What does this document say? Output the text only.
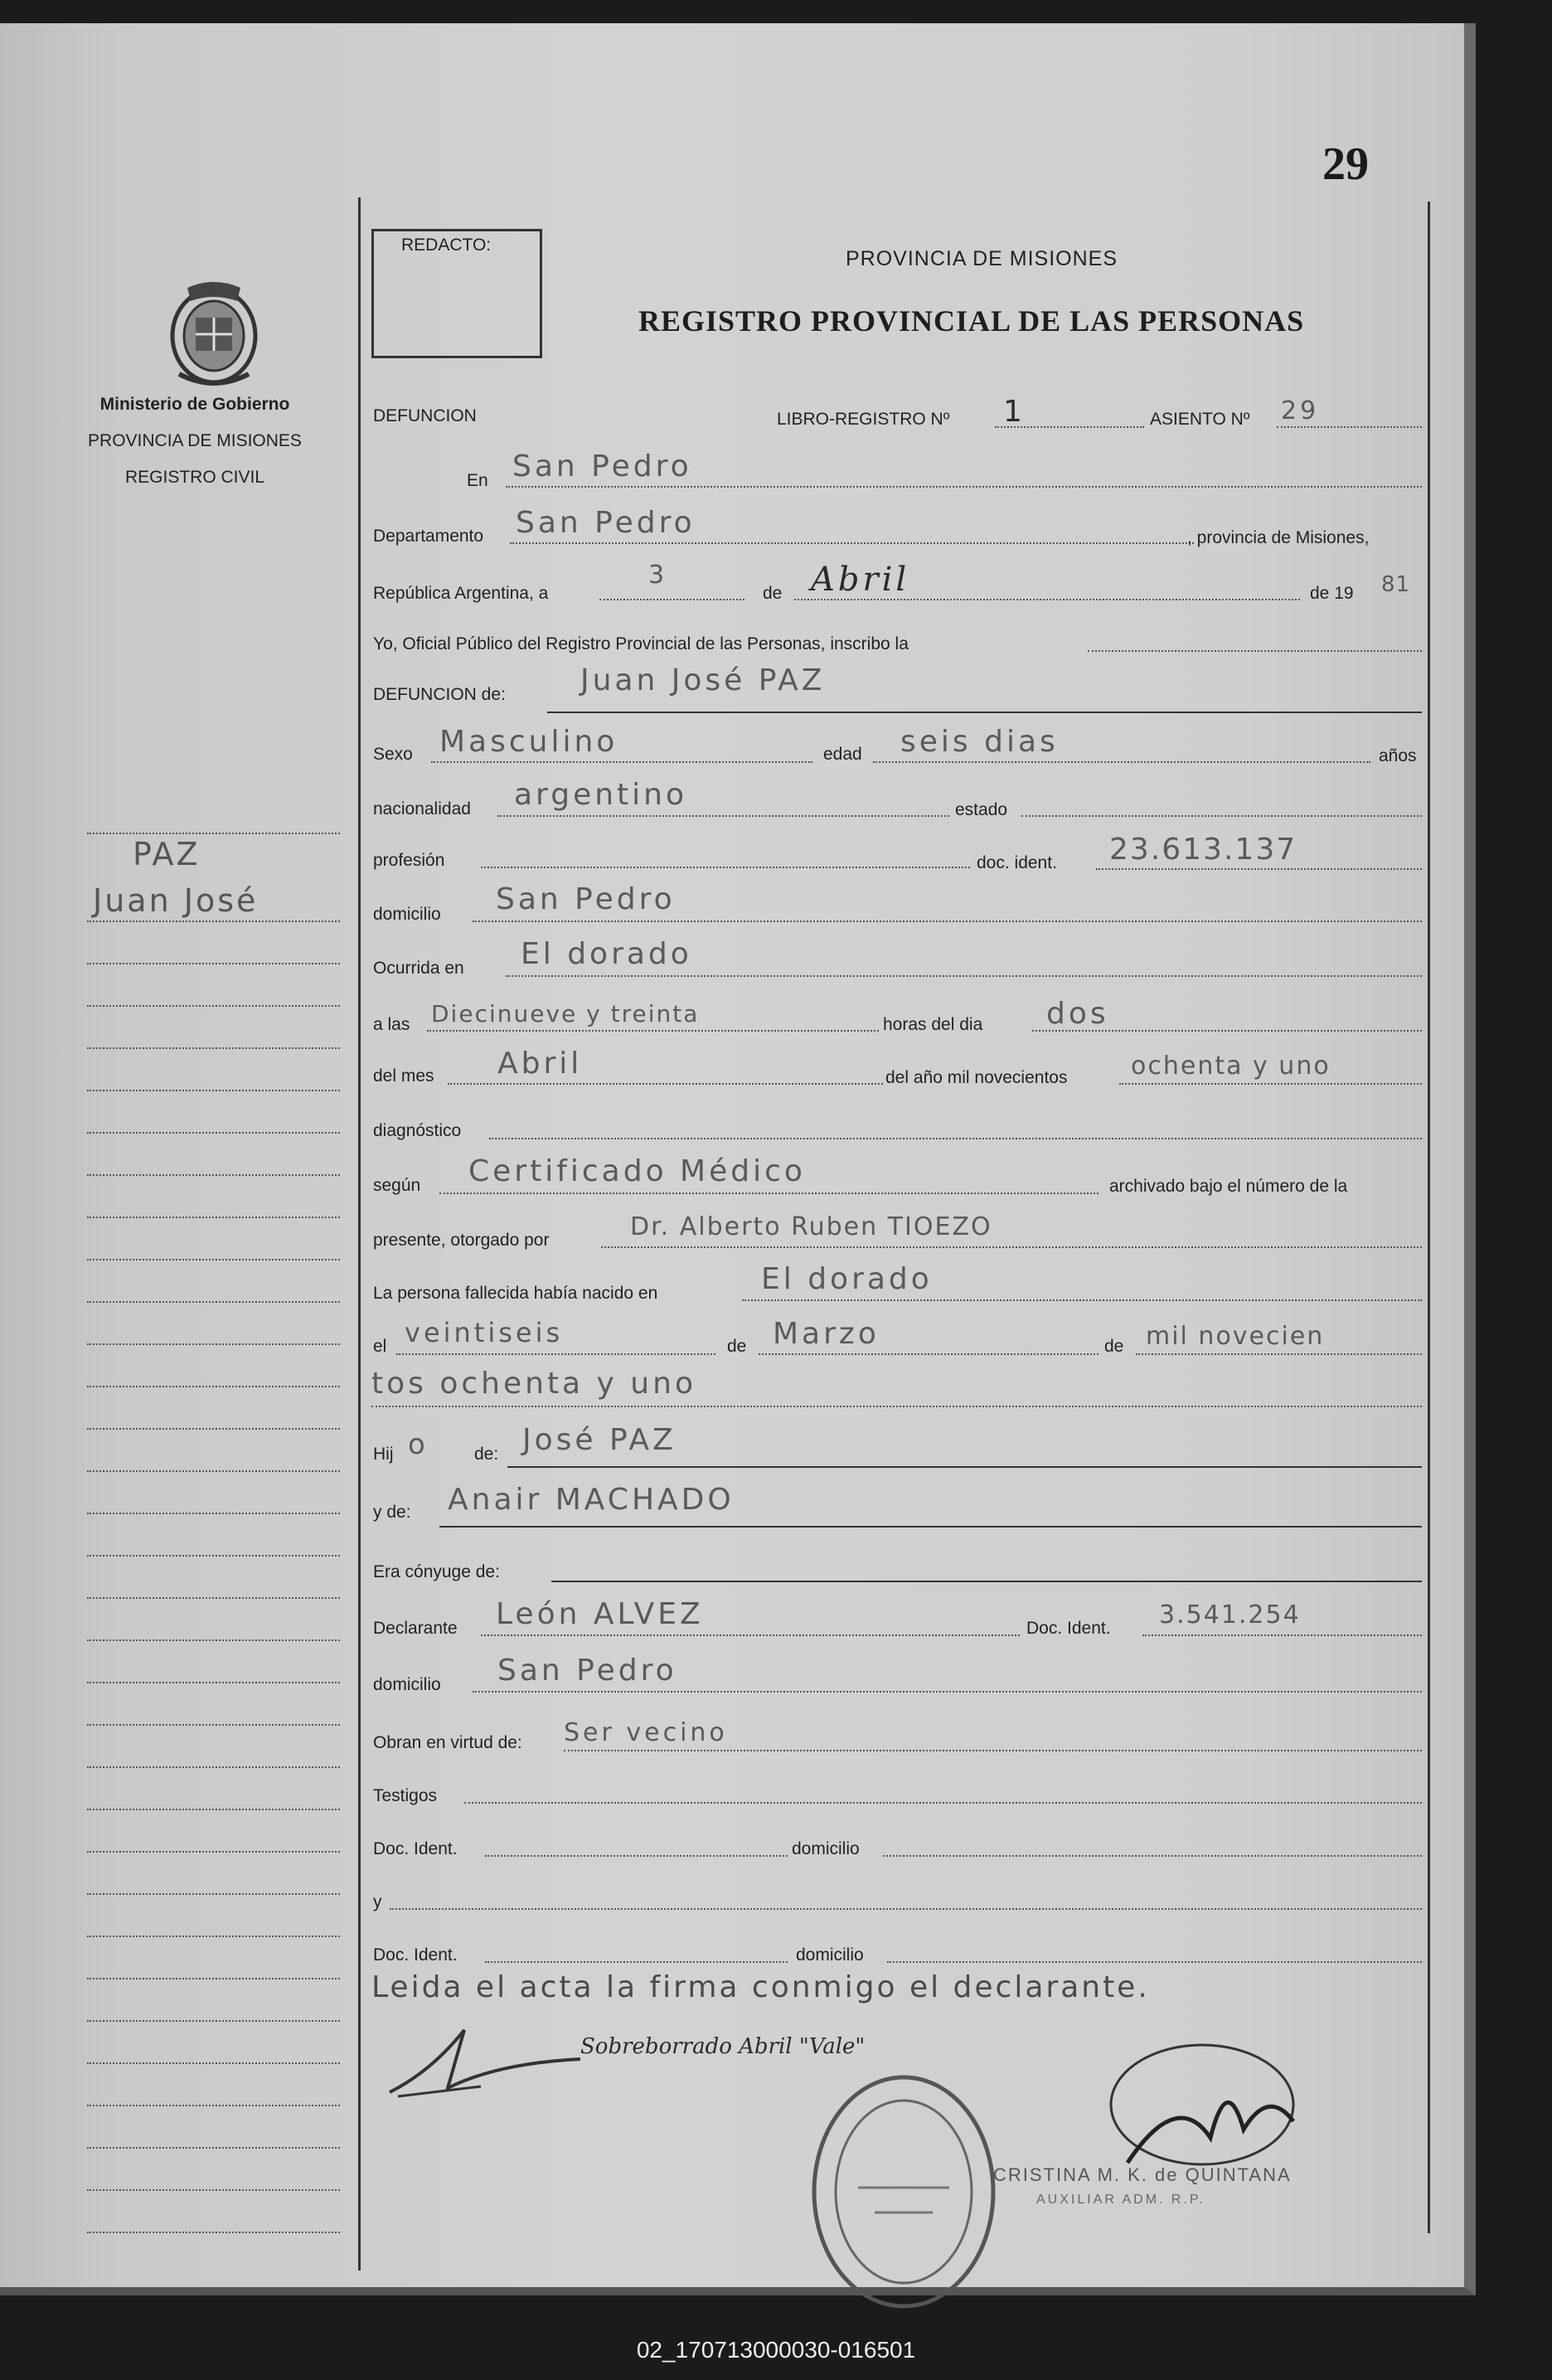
29
Ministerio de Gobierno
PROVINCIA DE MISIONES
REGISTRO CIVIL
PAZ
Juan José
REDACTO:
PROVINCIA DE MISIONES
REGISTRO PROVINCIAL DE LAS PERSONAS
DEFUNCION	LIBRO-REGISTRO Nº 1	ASIENTO Nº 29
En San Pedro
Departamento San Pedro	, provincia de Misiones,
República Argentina, a
3
de Abril	de 19 81
Yo, Oficial Público del Registro Provincial de las Personas, inscribo la
DEFUNCION de:	Juan José PAZ
Sexo Masculino	edad seis dias	años
nacionalidad argentino	estado
profesión	doc. ident. 23.613.137
domicilio San Pedro
Ocurrida en El dorado
a las Diecinueve y treinta	horas del dia dos
del mes Abril	del año mil novecientos	ochenta y uno
diagnóstico
según Certificado Médico	archivado bajo el número de la
presente, otorgado por	Dr. Alberto Ruben TIOEZO
La persona fallecida había nacido en	El dorado
el veintiseis	de Marzo	de mil novecien
tos ochenta y uno
Hij o	de: José PAZ
y de: Anair MACHADO
Era cónyuge de:
Declarante León ALVEZ	Doc. Ident. 3.541.254
domicilio San Pedro
Obran en virtud de: Ser vecino
Testigos
Doc. Ident.	domicilio
y
Doc. Ident.	domicilio
Leida el acta la firma conmigo el declarante.
Sobreborrado Abril "Vale"
CRISTINA M. K. de QUINTANA
AUXILIAR ADM. R.P.
02_170713000030-016501
